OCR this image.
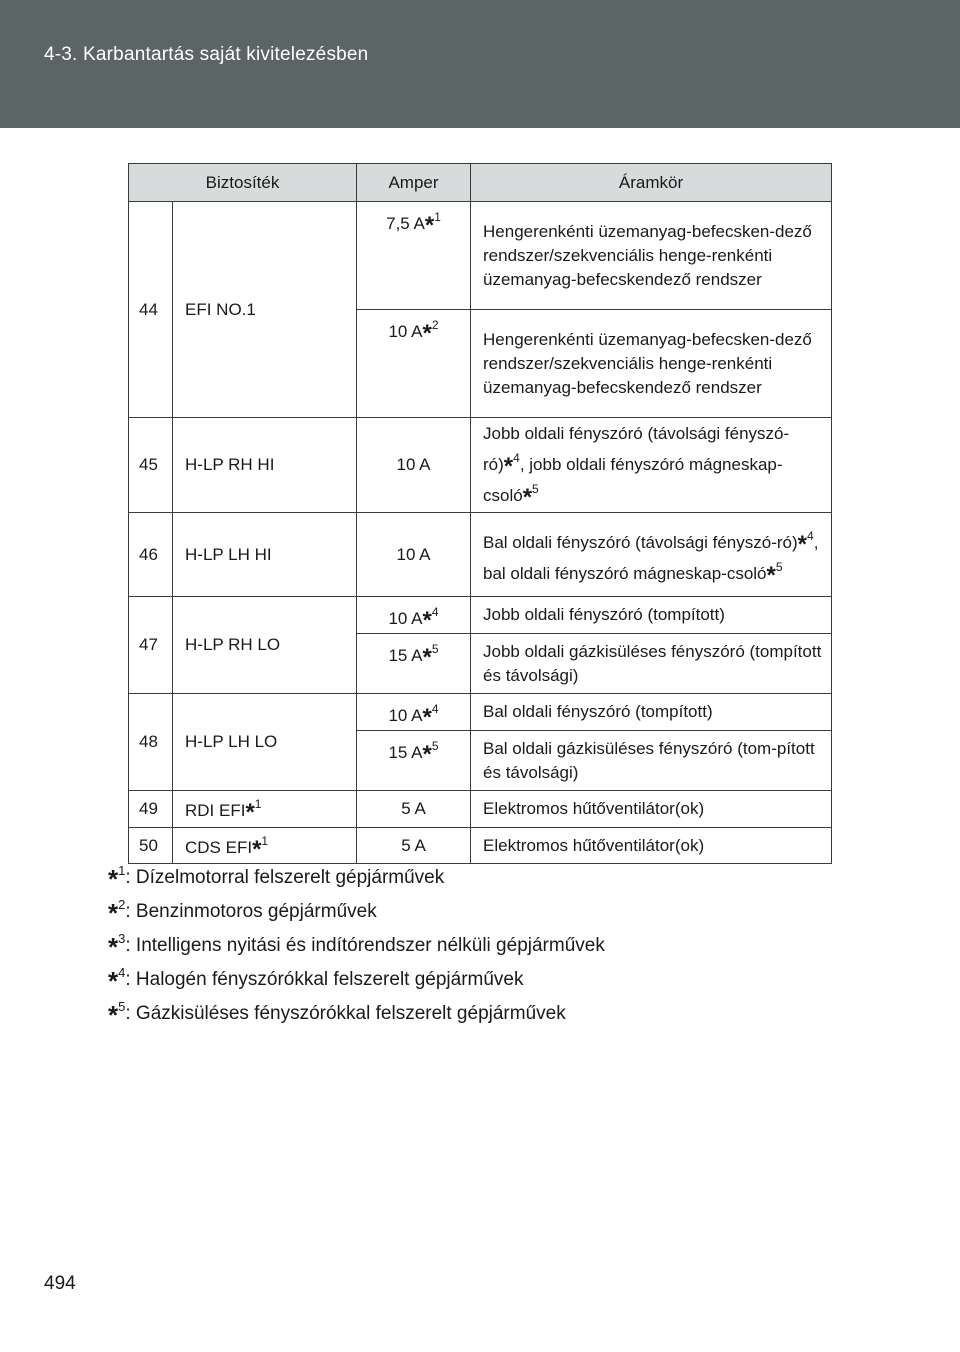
4-3. Karbantartás saját kivitelezésben
Biztosíték		Amper	Áramkör
44	EFI NO.1	7,5 A*$^1$	Hengerenkénti üzemanyag-befecsken-dező rendszer/szekvenciális henge-renkénti üzemanyag-befecskendező rendszer
		10 A*$^2$	Hengerenkénti üzemanyag-befecsken-dező rendszer/szekvenciális henge-renkénti üzemanyag-befecskendező rendszer
45	H-LP RH HI	10 A	Jobb oldali fényszóró (távolsági fényszó-ró)*$^4$, jobb oldali fényszóró mágneskap-csoló*$^5$
46	H-LP LH HI	10 A	Bal oldali fényszóró (távolsági fényszó-ró)*$^4$, bal oldali fényszóró mágneskap-csoló*$^5$
47	H-LP RH LO	10 A*$^4$	Jobb oldali fényszóró (tompított)
		15 A*$^5$	Jobb oldali gázkisüléses fényszóró (tompított és távolsági)
48	H-LP LH LO	10 A*$^4$	Bal oldali fényszóró (tompított)
		15 A*$^5$	Bal oldali gázkisüléses fényszóró (tom-pított és távolsági)
49	RDI EFI*$^1$	5 A	Elektromos hűtőventilátor(ok)
50	CDS EFI*$^1$	5 A	Elektromos hűtőventilátor(ok)
*$^1$: Dízelmotorral felszerelt gépjárművek
*$^2$: Benzinmotoros gépjárművek
*$^3$: Intelligens nyitási és indítórendszer nélküli gépjárművek
*$^4$: Halogén fényszórókkal felszerelt gépjárművek
*$^5$: Gázkisüléses fényszórókkal felszerelt gépjárművek
494
